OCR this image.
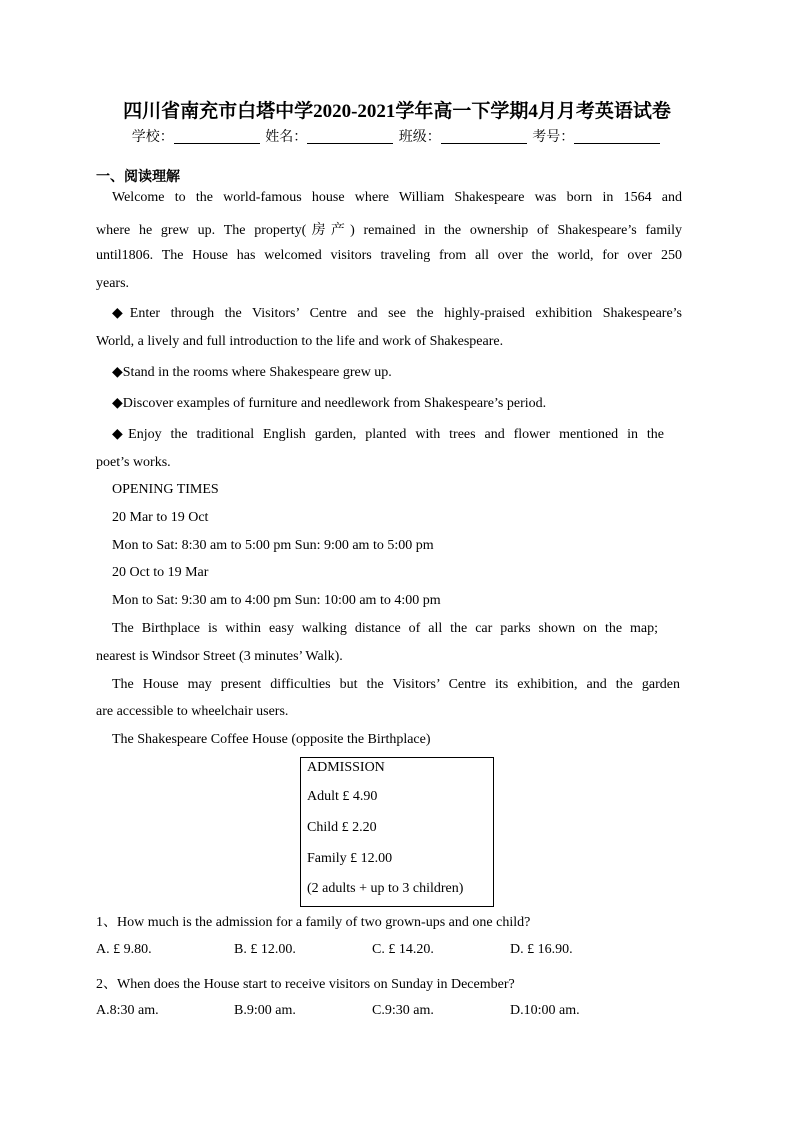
四川省南充市白塔中学2020-2021学年高一下学期4月月考英语试卷
学校：	姓名：	班级：	考号：
一、阅读理解
Welcome to the world-famous house where William Shakespeare was born in 1564 and
where he grew up. The property(房产) remained in the ownership of Shakespeare’s family
until1806. The House has welcomed visitors traveling from all over the world, for over 250
years.
◆Enter through the Visitors’ Centre and see the highly-praised exhibition Shakespeare’s
World, a lively and full introduction to the life and work of Shakespeare.
◆Stand in the rooms where Shakespeare grew up.
◆Discover examples of furniture and needlework from Shakespeare’s period.
◆Enjoy the traditional English garden, planted with trees and flower mentioned in the
poet’s works.
OPENING TIMES
20 Mar to 19 Oct
Mon to Sat: 8:30 am to 5:00 pm Sun: 9:00 am to 5:00 pm
20 Oct to 19 Mar
Mon to Sat: 9:30 am to 4:00 pm Sun: 10:00 am to 4:00 pm
The Birthplace is within easy walking distance of all the car parks shown on the map;
nearest is Windsor Street (3 minutes’ Walk).
The House may present difficulties but the Visitors’ Centre its exhibition, and the garden
are accessible to wheelchair users.
The Shakespeare Coffee House (opposite the Birthplace)
ADMISSION
Adult £ 4.90
Child £ 2.20
Family £ 12.00
(2 adults + up to 3 children)
1、How much is the admission for a family of two grown-ups and one child?
A. £ 9.80.	B. £ 12.00.	C. £ 14.20.	D. £ 16.90.
2、When does the House start to receive visitors on Sunday in December?
A.8:30 am.	B.9:00 am.	C.9:30 am.	D.10:00 am.
